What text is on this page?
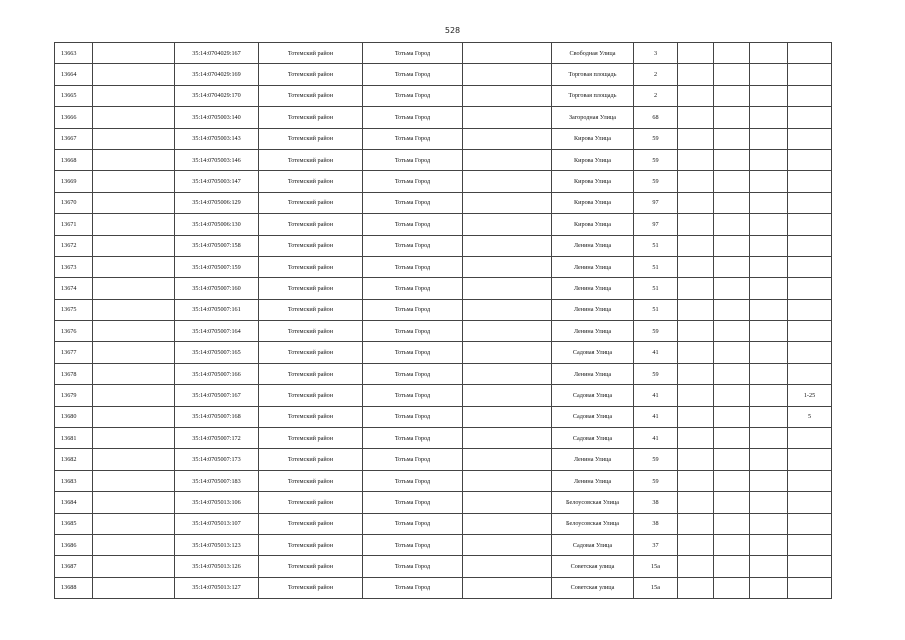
528
13663		35:14:0704029:167	Тотемский район	Тотьма Город		Свободная Улица	3				
13664		35:14:0704029:169	Тотемский район	Тотьма Город		Торговая площадь	2				
13665		35:14:0704029:170	Тотемский район	Тотьма Город		Торговая площадь	2				
13666		35:14:0705003:140	Тотемский район	Тотьма Город		Загородная Улица	68				
13667		35:14:0705003:143	Тотемский район	Тотьма Город		Кирова Улица	59				
13668		35:14:0705003:146	Тотемский район	Тотьма Город		Кирова Улица	59				
13669		35:14:0705003:147	Тотемский район	Тотьма Город		Кирова Улица	59				
13670		35:14:0705006:129	Тотемский район	Тотьма Город		Кирова Улица	97				
13671		35:14:0705006:130	Тотемский район	Тотьма Город		Кирова Улица	97				
13672		35:14:0705007:158	Тотемский район	Тотьма Город		Ленина Улица	51				
13673		35:14:0705007:159	Тотемский район	Тотьма Город		Ленина Улица	51				
13674		35:14:0705007:160	Тотемский район	Тотьма Город		Ленина Улица	51				
13675		35:14:0705007:161	Тотемский район	Тотьма Город		Ленина Улица	51				
13676		35:14:0705007:164	Тотемский район	Тотьма Город		Ленина Улица	59				
13677		35:14:0705007:165	Тотемский район	Тотьма Город		Садовая Улица	41				
13678		35:14:0705007:166	Тотемский район	Тотьма Город		Ленина Улица	59				
13679		35:14:0705007:167	Тотемский район	Тотьма Город		Садовая Улица	41				1-25
13680		35:14:0705007:168	Тотемский район	Тотьма Город		Садовая Улица	41				5
13681		35:14:0705007:172	Тотемский район	Тотьма Город		Садовая Улица	41				
13682		35:14:0705007:173	Тотемский район	Тотьма Город		Ленина Улица	59				
13683		35:14:0705007:183	Тотемский район	Тотьма Город		Ленина Улица	59				
13684		35:14:0705013:106	Тотемский район	Тотьма Город		Белоусовская Улица	38				
13685		35:14:0705013:107	Тотемский район	Тотьма Город		Белоусовская Улица	38				
13686		35:14:0705013:123	Тотемский район	Тотьма Город		Садовая Улица	37				
13687		35:14:0705013:126	Тотемский район	Тотьма Город		Советская улица	15а				
13688		35:14:0705013:127	Тотемский район	Тотьма Город		Советская улица	15а				
